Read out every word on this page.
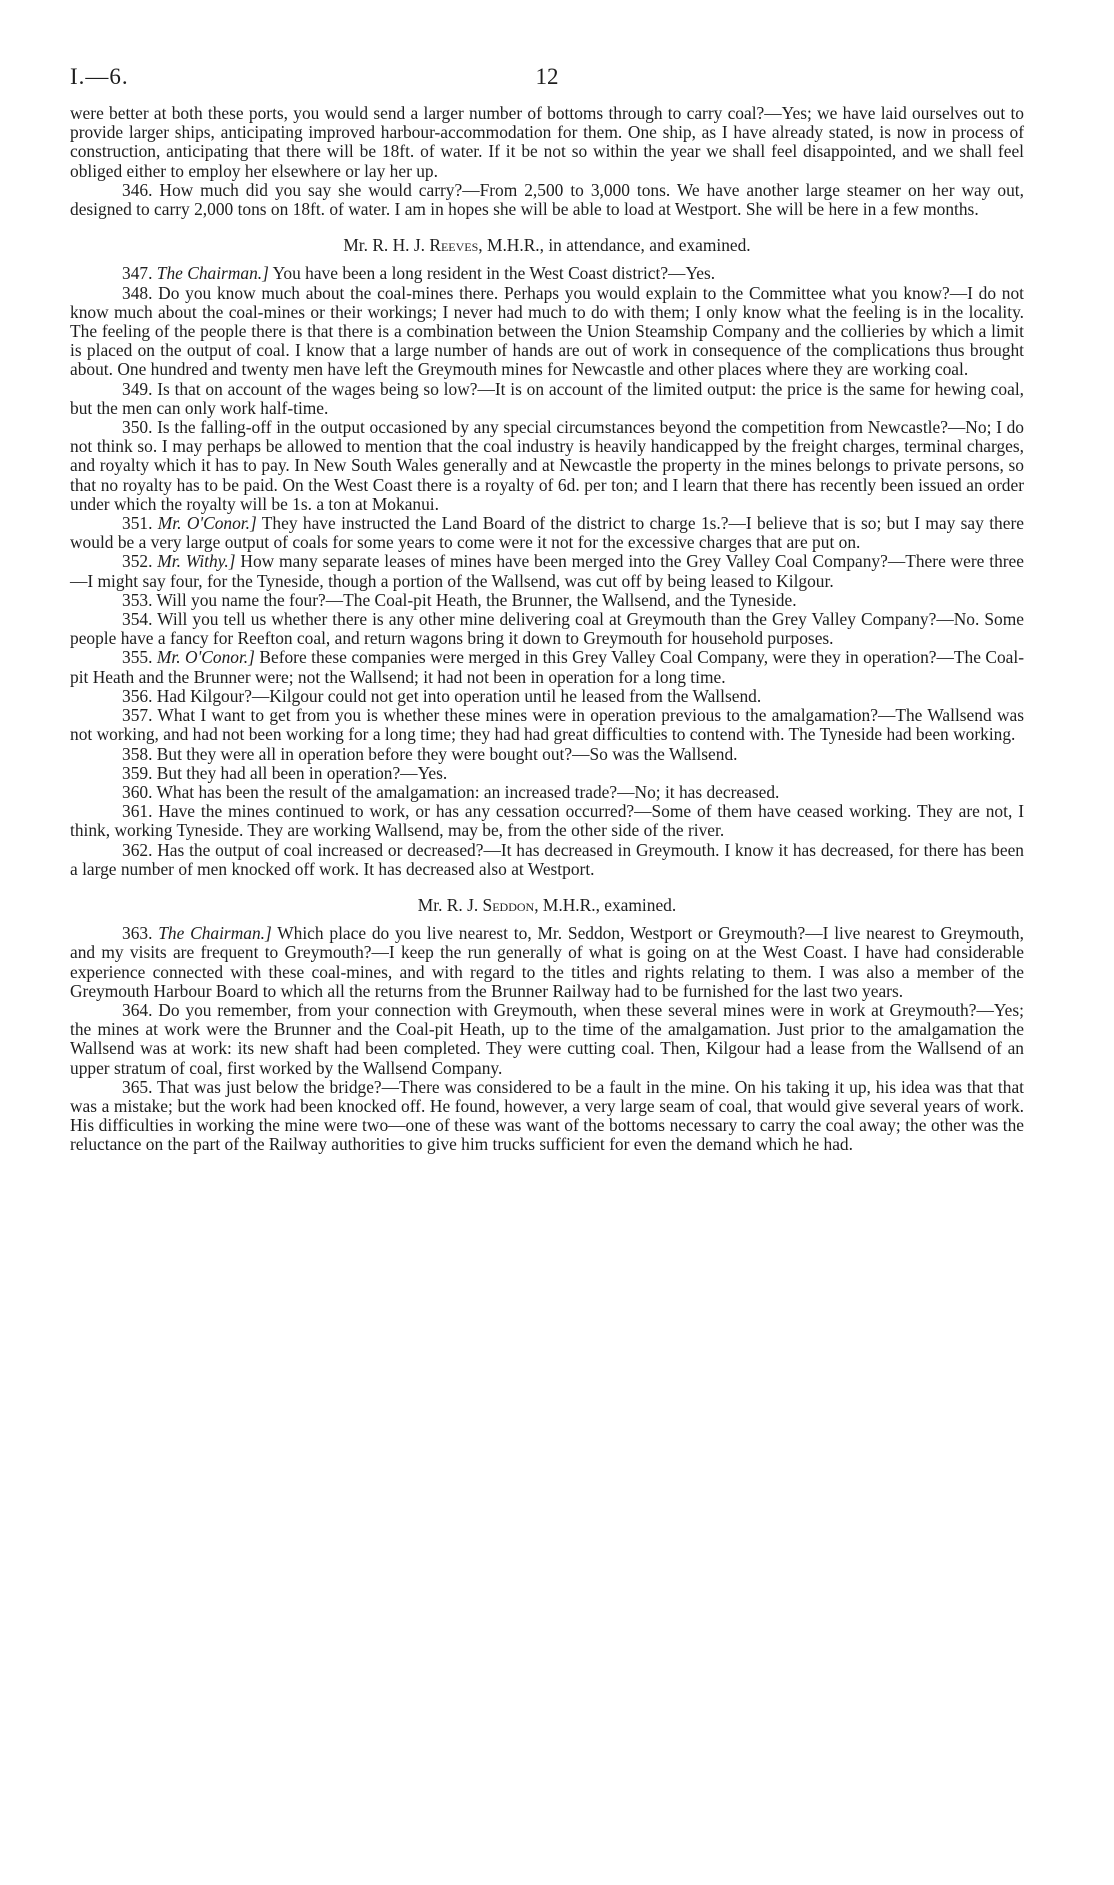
I.—6.	12

were better at both these ports, you would send a larger number of bottoms through to carry coal?—Yes; we have laid ourselves out to provide larger ships, anticipating improved harbour-accommodation for them. One ship, as I have already stated, is now in process of construction, anticipating that there will be 18ft. of water. If it be not so within the year we shall feel disappointed, and we shall feel obliged either to employ her elsewhere or lay her up.

346. How much did you say she would carry?—From 2,500 to 3,000 tons. We have another large steamer on her way out, designed to carry 2,000 tons on 18ft. of water. I am in hopes she will be able to load at Westport. She will be here in a few months.

Mr. R. H. J. Reeves, M.H.R., in attendance, and examined.

347. The Chairman.] You have been a long resident in the West Coast district?—Yes.

348. Do you know much about the coal-mines there. Perhaps you would explain to the Committee what you know?—I do not know much about the coal-mines or their workings; I never had much to do with them; I only know what the feeling is in the locality. The feeling of the people there is that there is a combination between the Union Steamship Company and the collieries by which a limit is placed on the output of coal. I know that a large number of hands are out of work in consequence of the complications thus brought about. One hundred and twenty men have left the Greymouth mines for Newcastle and other places where they are working coal.

349. Is that on account of the wages being so low?—It is on account of the limited output: the price is the same for hewing coal, but the men can only work half-time.

350. Is the falling-off in the output occasioned by any special circumstances beyond the competition from Newcastle?—No; I do not think so. I may perhaps be allowed to mention that the coal industry is heavily handicapped by the freight charges, terminal charges, and royalty which it has to pay. In New South Wales generally and at Newcastle the property in the mines belongs to private persons, so that no royalty has to be paid. On the West Coast there is a royalty of 6d. per ton; and I learn that there has recently been issued an order under which the royalty will be 1s. a ton at Mokanui.

351. Mr. O'Conor.] They have instructed the Land Board of the district to charge 1s.?—I believe that is so; but I may say there would be a very large output of coals for some years to come were it not for the excessive charges that are put on.

352. Mr. Withy.] How many separate leases of mines have been merged into the Grey Valley Coal Company?—There were three—I might say four, for the Tyneside, though a portion of the Wallsend, was cut off by being leased to Kilgour.

353. Will you name the four?—The Coal-pit Heath, the Brunner, the Wallsend, and the Tyneside.

354. Will you tell us whether there is any other mine delivering coal at Greymouth than the Grey Valley Company?—No. Some people have a fancy for Reefton coal, and return wagons bring it down to Greymouth for household purposes.

355. Mr. O'Conor.] Before these companies were merged in this Grey Valley Coal Company, were they in operation?—The Coal-pit Heath and the Brunner were; not the Wallsend; it had not been in operation for a long time.

356. Had Kilgour?—Kilgour could not get into operation until he leased from the Wallsend.

357. What I want to get from you is whether these mines were in operation previous to the amalgamation?—The Wallsend was not working, and had not been working for a long time; they had had great difficulties to contend with. The Tyneside had been working.

358. But they were all in operation before they were bought out?—So was the Wallsend.

359. But they had all been in operation?—Yes.

360. What has been the result of the amalgamation: an increased trade?—No; it has decreased.

361. Have the mines continued to work, or has any cessation occurred?—Some of them have ceased working. They are not, I think, working Tyneside. They are working Wallsend, may be, from the other side of the river.

362. Has the output of coal increased or decreased?—It has decreased in Greymouth. I know it has decreased, for there has been a large number of men knocked off work. It has decreased also at Westport.

Mr. R. J. Seddon, M.H.R., examined.

363. The Chairman.] Which place do you live nearest to, Mr. Seddon, Westport or Greymouth?—I live nearest to Greymouth, and my visits are frequent to Greymouth?—I keep the run generally of what is going on at the West Coast. I have had considerable experience connected with these coal-mines, and with regard to the titles and rights relating to them. I was also a member of the Greymouth Harbour Board to which all the returns from the Brunner Railway had to be furnished for the last two years.

364. Do you remember, from your connection with Greymouth, when these several mines were in work at Greymouth?—Yes; the mines at work were the Brunner and the Coal-pit Heath, up to the time of the amalgamation. Just prior to the amalgamation the Wallsend was at work: its new shaft had been completed. They were cutting coal. Then, Kilgour had a lease from the Wallsend of an upper stratum of coal, first worked by the Wallsend Company.

365. That was just below the bridge?—There was considered to be a fault in the mine. On his taking it up, his idea was that that was a mistake; but the work had been knocked off. He found, however, a very large seam of coal, that would give several years of work. His difficulties in working the mine were two—one of these was want of the bottoms necessary to carry the coal away; the other was the reluctance on the part of the Railway authorities to give him trucks sufficient for even the demand which he had.
